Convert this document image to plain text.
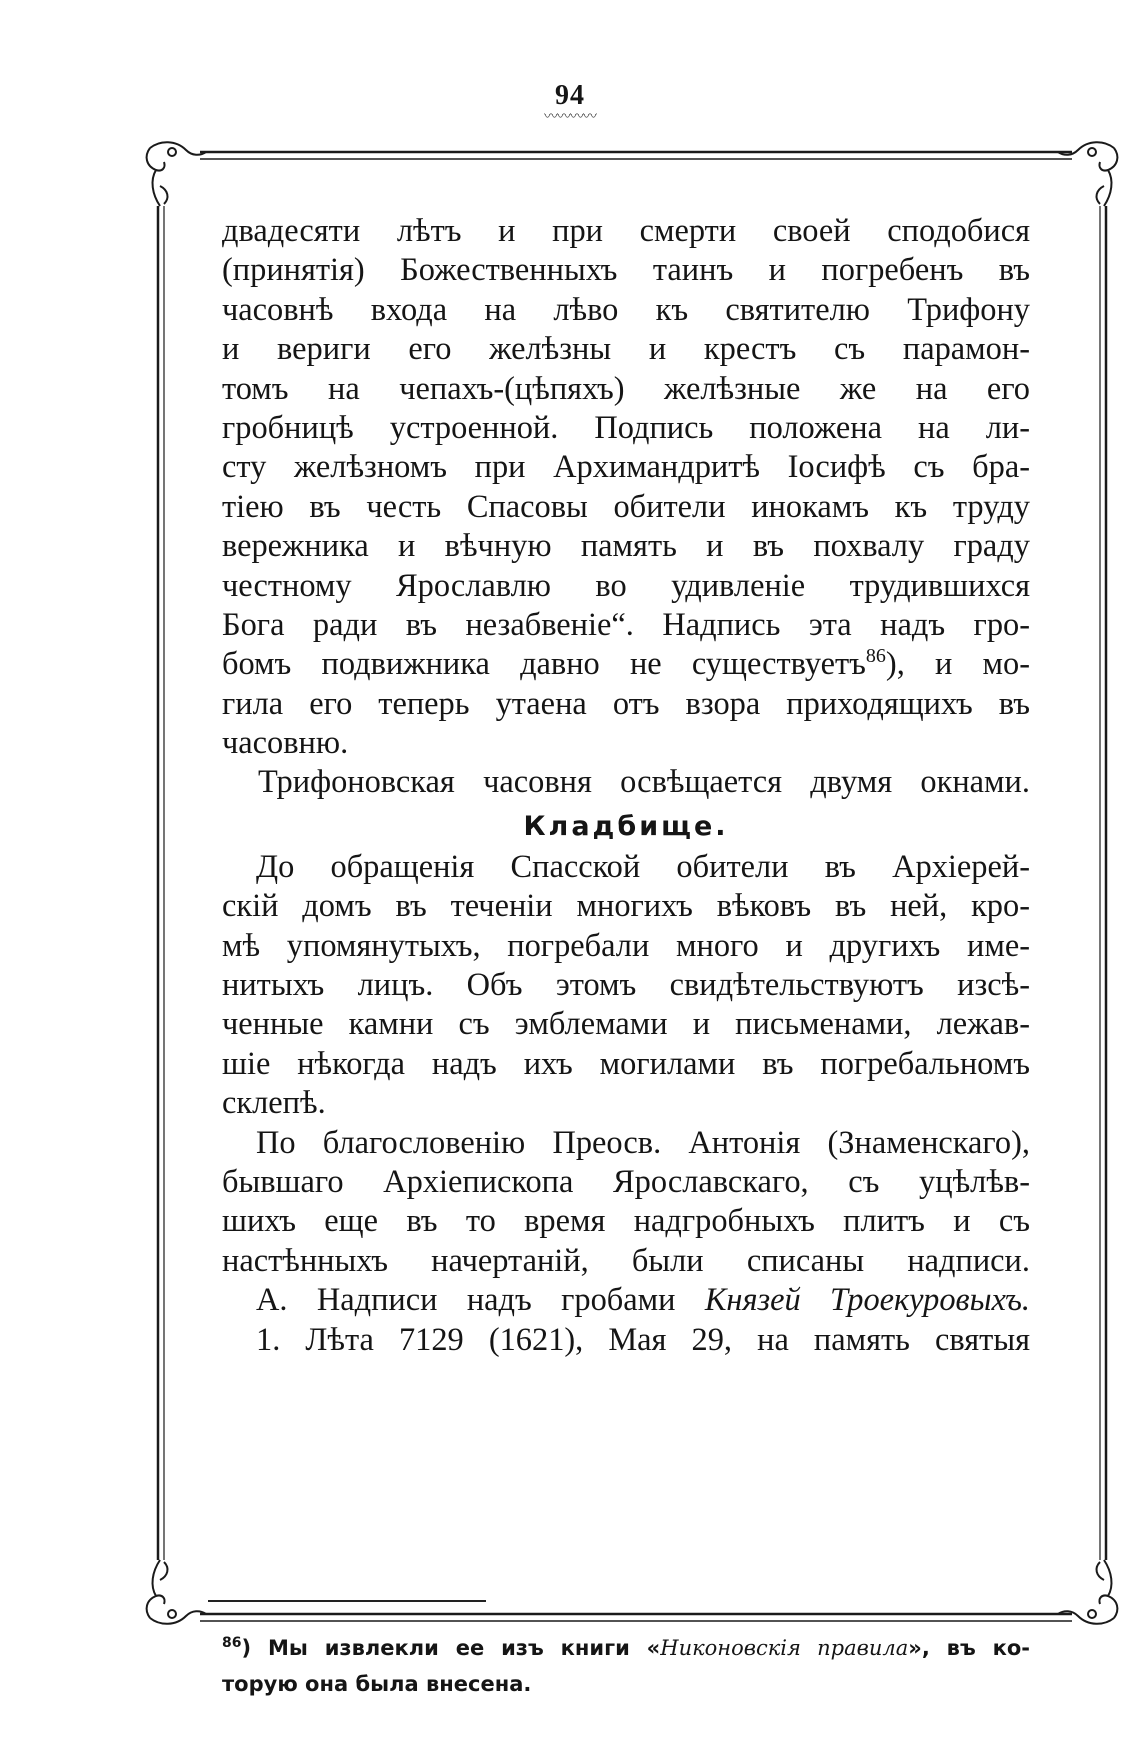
94
〰〰〰〰
двадесяти лѣтъ и при смерти своей сподобися
(принятія) Божественныхъ таинъ и погребенъ въ
часовнѣ входа на лѣво къ святителю Трифону
и вериги его желѣзны и крестъ съ парамон-
томъ на чепахъ-(цѣпяхъ) желѣзные же на его
гробницѣ устроенной. Подпись положена на ли-
сту желѣзномъ при Архимандритѣ Іосифѣ съ бра-
тіею въ честь Спасовы обители инокамъ къ труду
вережника и вѣчную память и въ похвалу граду
честному Ярославлю во удивленіе трудившихся
Бога ради въ незабвеніе“. Надпись эта надъ гро-
бомъ подвижника давно не существуетъ$^{86}$), и мо-
гила его теперь утаена отъ взора приходящихъ въ
часовню.
Трифоновская часовня освѣщается двумя окнами.
Кладбище.
До обращенія Спасской обители въ Архіерей-
скій домъ въ теченіи многихъ вѣковъ въ ней, кро-
мѣ упомянутыхъ, погребали много и другихъ име-
нитыхъ лицъ. Объ этомъ свидѣтельствуютъ изсѣ-
ченные камни съ эмблемами и письменами, лежав-
шіе нѣкогда надъ ихъ могилами въ погребальномъ
склепѣ.
По благословенію Преосв. Антонія (Знаменскаго),
бывшаго Архіепископа Ярославскаго, съ уцѣлѣв-
шихъ еще въ то время надгробныхъ плитъ и съ
настѣнныхъ начертаній, были списаны надписи.
А. Надписи надъ гробами Князей Троекуровыхъ.
1. Лѣта 7129 (1621), Мая 29, на память святыя
$^{86}$) Мы извлекли ее изъ книги «Никоновскія правила», въ ко-
торую она была внесена.
